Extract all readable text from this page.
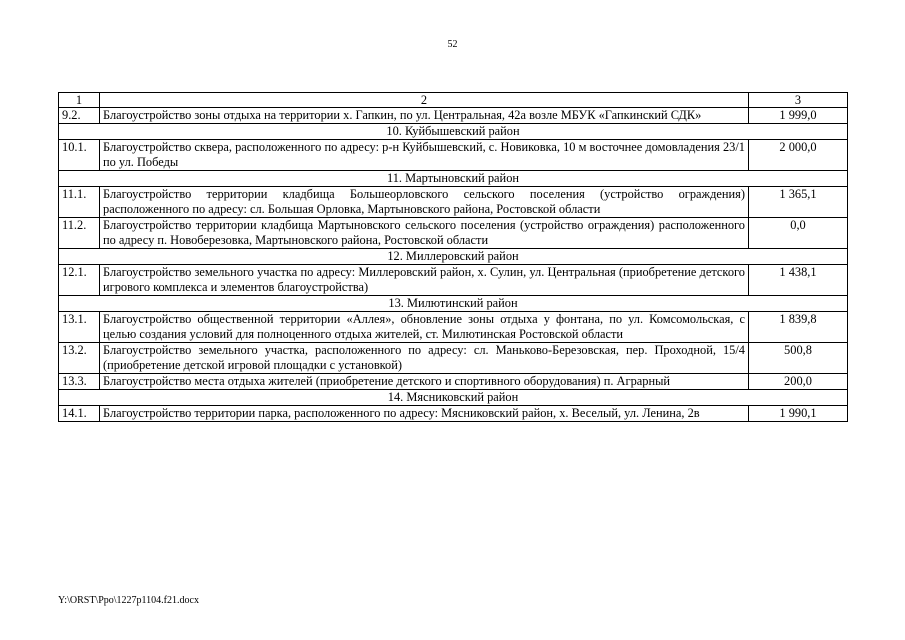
52
1	2	3
9.2.	Благоустройство зоны отдыха на территории х. Гапкин, по ул. Центральная, 42а возле МБУК «Гапкинский СДК»	1 999,0
10. Куйбышевский район		
10.1.	Благоустройство сквера, расположенного по адресу: р-н Куйбышевский, с. Новиковка, 10 м восточнее домовладения 23/1 по ул. Победы	2 000,0
11. Мартыновский район		
11.1.	Благоустройство территории кладбища Большеорловского сельского поселения (устройство ограждения) расположенного по адресу: сл. Большая Орловка, Мартыновского района, Ростовской области	1 365,1
11.2.	Благоустройство территории кладбища Мартыновского сельского поселения (устройство ограждения) расположенного по адресу п. Новоберезовка, Мартыновского района, Ростовской области	0,0
12. Миллеровский район		
12.1.	Благоустройство земельного участка по адресу: Миллеровский район, х. Сулин, ул. Центральная (приобретение детского игрового комплекса и элементов благоустройства)	1 438,1
13. Милютинский район		
13.1.	Благоустройство общественной территории «Аллея», обновление зоны отдыха у фонтана, по ул. Комсомольская, с целью создания условий для полноценного отдыха жителей, ст. Милютинская Ростовской области	1 839,8
13.2.	Благоустройство земельного участка, расположенного по адресу: сл. Маньково-Березовская, пер. Проходной, 15/4 (приобретение детской игровой площадки с установкой)	500,8
13.3.	Благоустройство места отдыха жителей (приобретение детского и спортивного оборудования) п. Аграрный	200,0
14. Мясниковский район		
14.1.	Благоустройство территории парка, расположенного по адресу: Мясниковский район, х. Веселый, ул. Ленина, 2в	1 990,1
Y:\ORST\Ppo\1227p1104.f21.docx
